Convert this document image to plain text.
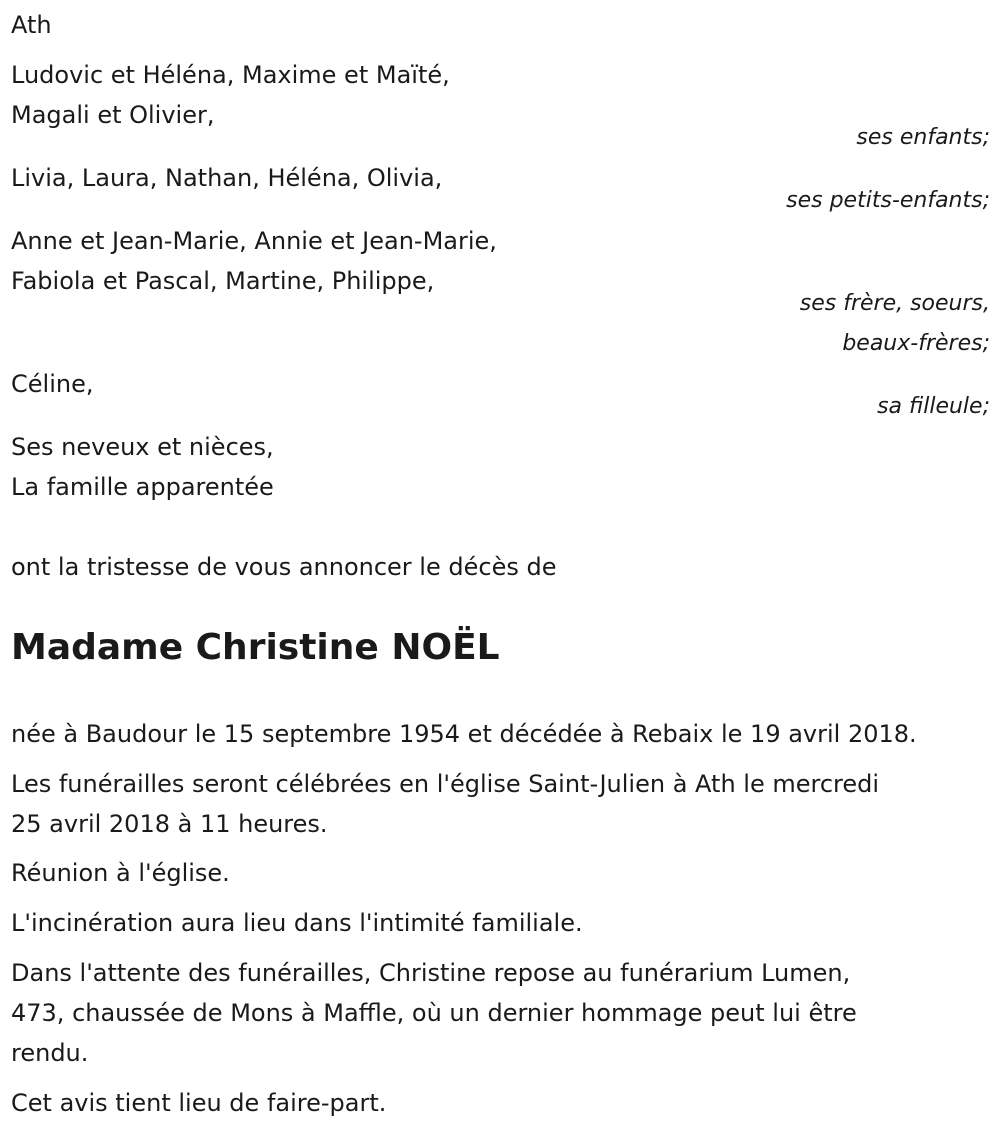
Ath

Ludovic et Héléna, Maxime et Maïté,

Magali et Olivier,

ses enfants;

Livia, Laura, Nathan, Héléna, Olivia,

ses petits-enfants;

Anne et Jean-Marie, Annie et Jean-Marie,

Fabiola et Pascal, Martine, Philippe,

ses frère, soeurs,

beaux-frères;

Céline,

sa filleule;

Ses neveux et nièces,

La famille apparentée

ont la tristesse de vous annoncer le décès de

Madame Christine NOËL

née à Baudour le 15 septembre 1954 et décédée à Rebaix le 19 avril 2018.

Les funérailles seront célébrées en l'église Saint-Julien à Ath le mercredi

25 avril 2018 à 11 heures.

Réunion à l'église.

L'incinération aura lieu dans l'intimité familiale.

Dans l'attente des funérailles, Christine repose au funérarium Lumen,

473, chaussée de Mons à Maffle, où un dernier hommage peut lui être

rendu.

Cet avis tient lieu de faire-part.
